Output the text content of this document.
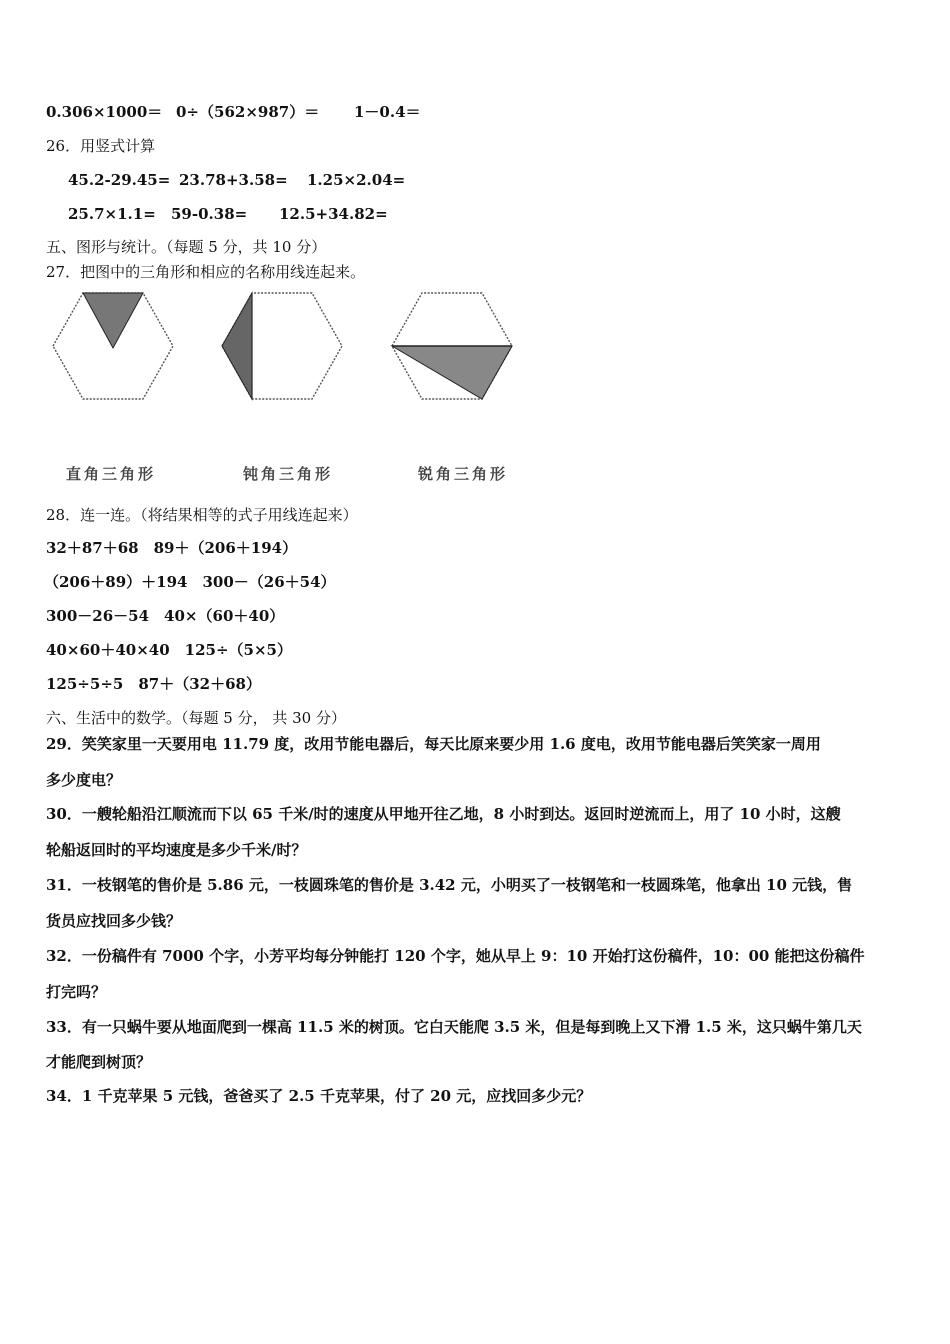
0.306×1000＝ 0÷（562×987）＝ 1－0.4＝
26．用竖式计算
45.2-29.45= 23.78+3.58= 1.25×2.04=
25.7×1.1= 59-0.38= 12.5+34.82=
五、图形与统计。（每题 5 分，共 10 分）
27．把图中的三角形和相应的名称用线连起来。
直角三角形	钝角三角形	锐角三角形
28．连一连。（将结果相等的式子用线连起来）
32＋87＋68　89＋（206＋194）
（206＋89）＋194　300－（26＋54）
300－26－54　40×（60＋40）
40×60＋40×40　125÷（5×5）
125÷5÷5　87＋（32＋68）
六、生活中的数学。（每题 5 分， 共 30 分）
29．笑笑家里一天要用电 11.79 度，改用节能电器后，每天比原来要少用 1.6 度电，改用节能电器后笑笑家一周用
多少度电？
30．一艘轮船沿江顺流而下以 65 千米/时的速度从甲地开往乙地，8 小时到达。返回时逆流而上，用了 10 小时，这艘
轮船返回时的平均速度是多少千米/时？
31．一枝钢笔的售价是 5.86 元，一枝圆珠笔的售价是 3.42 元，小明买了一枝钢笔和一枝圆珠笔，他拿出 10 元钱，售
货员应找回多少钱？
32．一份稿件有 7000 个字，小芳平均每分钟能打 120 个字，她从早上 9：10 开始打这份稿件，10：00 能把这份稿件
打完吗？
33．有一只蜗牛要从地面爬到一棵高 11.5 米的树顶。它白天能爬 3.5 米，但是每到晚上又下滑 1.5 米，这只蜗牛第几天
才能爬到树顶？
34．1 千克苹果 5 元钱，爸爸买了 2.5 千克苹果，付了 20 元，应找回多少元？
